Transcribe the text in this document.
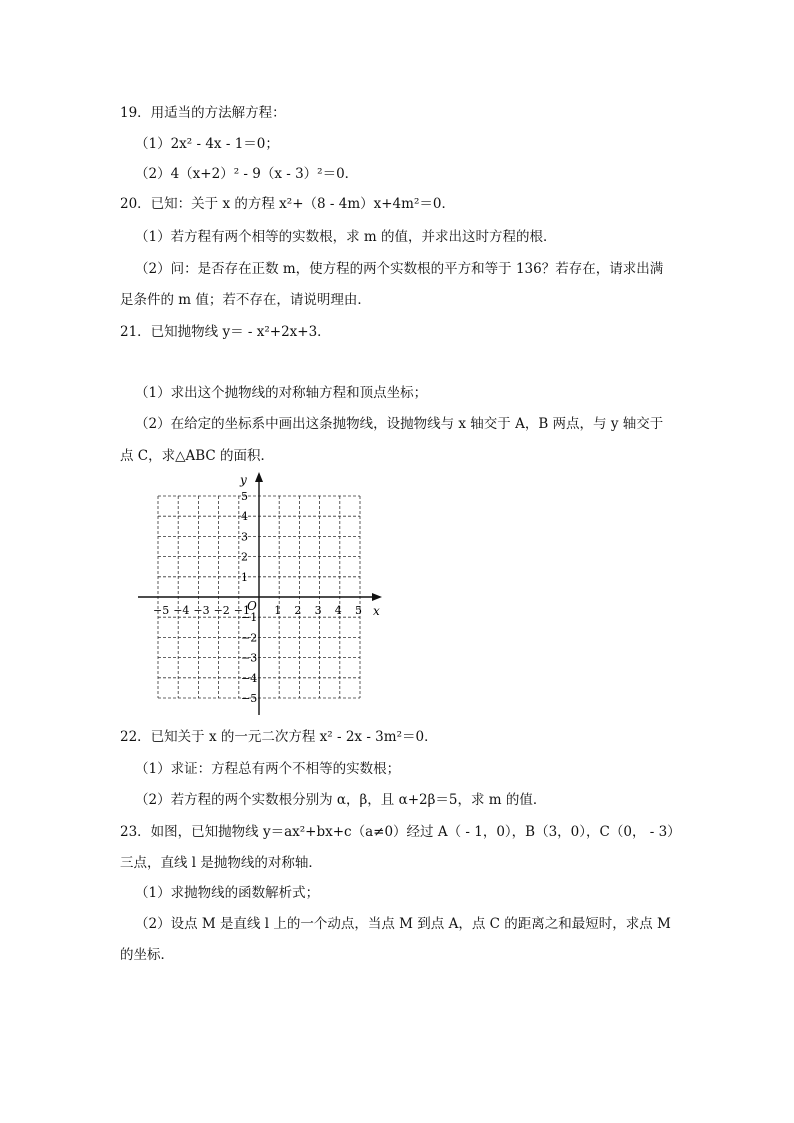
19．用适当的方法解方程：
（1）2x² - 4x - 1＝0；
（2）4（x+2）² - 9（x - 3）²＝0．
20．已知：关于 x 的方程 x²+（8 - 4m）x+4m²＝0．
（1）若方程有两个相等的实数根，求 m 的值，并求出这时方程的根．
（2）问：是否存在正数 m，使方程的两个实数根的平方和等于 136？若存在，请求出满
足条件的 m 值；若不存在，请说明理由．
21．已知抛物线 y＝ - x²+2x+3．
（1）求出这个抛物线的对称轴方程和顶点坐标；
（2）在给定的坐标系中画出这条抛物线，设抛物线与 x 轴交于 A，B 两点，与 y 轴交于
点 C，求△ABC 的面积．
x
y
O
−5 −4 −3 −2 −1 1 2 3 4 5
5
4
3
2
1
−1
−2
−3
−4
−5
22．已知关于 x 的一元二次方程 x² - 2x - 3m²＝0．
（1）求证：方程总有两个不相等的实数根；
（2）若方程的两个实数根分别为 α，β，且 α+2β＝5，求 m 的值．
23．如图，已知抛物线 y＝ax²+bx+c（a≠0）经过 A（ - 1，0），B（3，0），C（0， - 3）
三点，直线 l 是抛物线的对称轴．
（1）求抛物线的函数解析式；
（2）设点 M 是直线 l 上的一个动点，当点 M 到点 A，点 C 的距离之和最短时，求点 M
的坐标．
